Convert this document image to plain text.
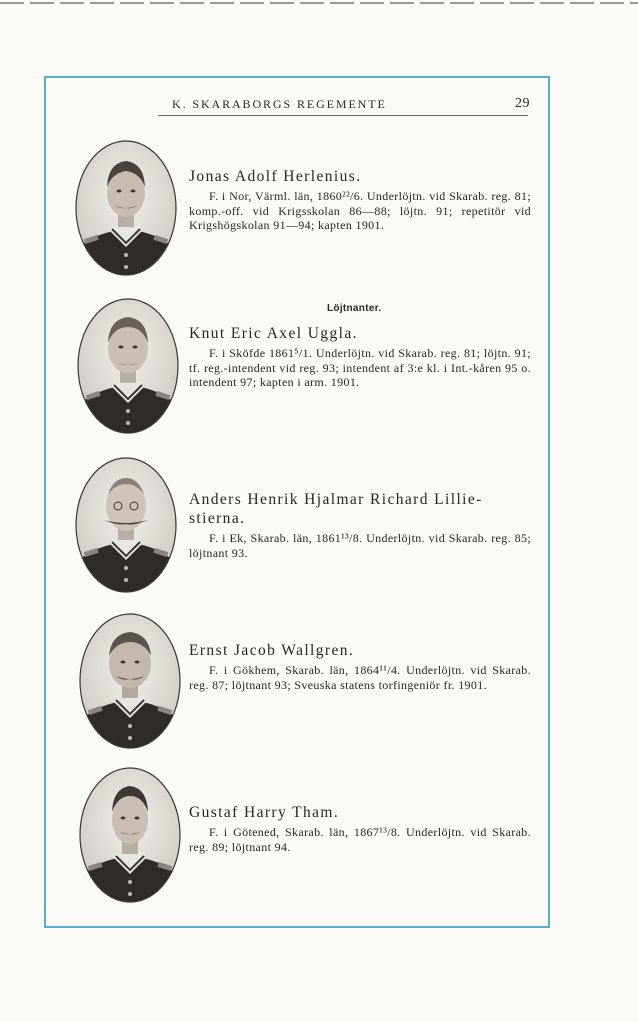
K. SKARABORGS REGEMENTE	29
Jonas Adolf Herlenius.
F. i Nor, Värml. län, 1860²²/6. Underlöjtn. vid Skarab. reg. 81; komp.-off. vid Krigsskolan 86—88; löjtn. 91; repetitör vid Krigshögskolan 91—94; kapten 1901.
Löjtnanter.
Knut Eric Axel Uggla.
F. i Sköfde 1861⁵/1. Underlöjtn. vid Skarab. reg. 81; löjtn. 91; tf. reg.-intendent vid reg. 93; intendent af 3:e kl. i Int.-kåren 95 o. intendent 97; kapten i arm. 1901.
Anders Henrik Hjalmar Richard Lillie-stierna.
F. i Ek, Skarab. län, 1861¹³/8. Underlöjtn. vid Skarab. reg. 85; löjtnant 93.
Ernst Jacob Wallgren.
F. i Gökhem, Skarab. län, 1864¹¹/4. Underlöjtn. vid Skarab. reg. 87; löjtnant 93; Sveuska statens torfingeniör fr. 1901.
Gustaf Harry Tham.
F. i Götened, Skarab. län, 1867¹³/8. Underlöjtn. vid Skarab. reg. 89; löjtnant 94.
